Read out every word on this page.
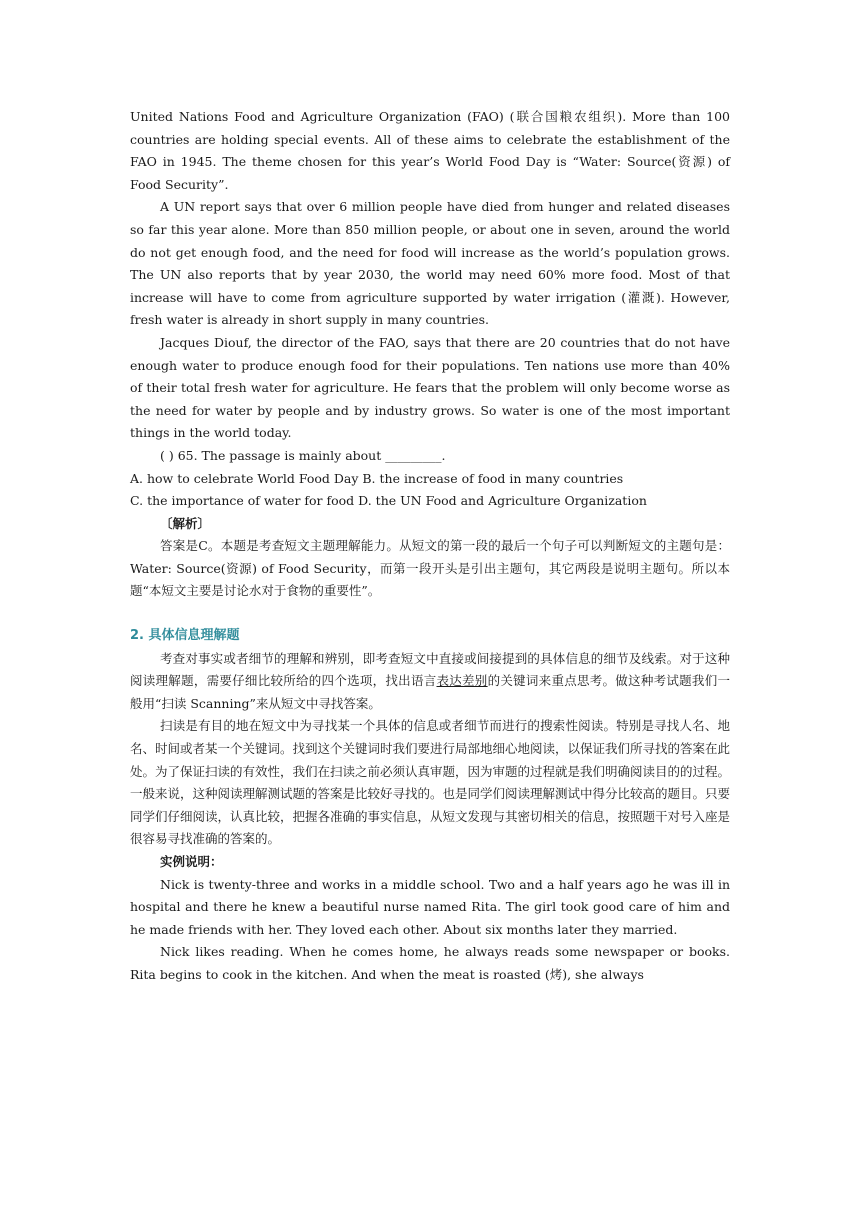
United Nations Food and Agriculture Organization (FAO) (联合国粮农组织). More than 100 countries are holding special events. All of these aims to celebrate the establishment of the FAO in 1945. The theme chosen for this year’s World Food Day is “Water: Source(资源) of Food Security”.

A UN report says that over 6 million people have died from hunger and related diseases so far this year alone. More than 850 million people, or about one in seven, around the world do not get enough food, and the need for food will increase as the world’s population grows. The UN also reports that by year 2030, the world may need 60% more food. Most of that increase will have to come from agriculture supported by water irrigation (灌溉). However, fresh water is already in short supply in many countries.

Jacques Diouf, the director of the FAO, says that there are 20 countries that do not have enough water to produce enough food for their populations. Ten nations use more than 40% of their total fresh water for agriculture. He fears that the problem will only become worse as the need for water by people and by industry grows. So water is one of the most important things in the world today.

( ) 65. The passage is mainly about _________.

A. how to celebrate World Food Day B. the increase of food in many countries

C. the importance of water for food D. the UN Food and Agriculture Organization

〔解析〕

答案是C。本题是考查短文主题理解能力。从短文的第一段的最后一个句子可以判断短文的主题句是：Water: Source(资源) of Food Security，而第一段开头是引出主题句，其它两段是说明主题句。所以本题“本短文主要是讨论水对于食物的重要性”。

2. 具体信息理解题

考查对事实或者细节的理解和辨别，即考查短文中直接或间接提到的具体信息的细节及线索。对于这种阅读理解题，需要仔细比较所给的四个选项，找出语言表达差别的关键词来重点思考。做这种考试题我们一般用“扫读 Scanning”来从短文中寻找答案。

扫读是有目的地在短文中为寻找某一个具体的信息或者细节而进行的搜索性阅读。特别是寻找人名、地名、时间或者某一个关键词。找到这个关键词时我们要进行局部地细心地阅读，以保证我们所寻找的答案在此处。为了保证扫读的有效性，我们在扫读之前必须认真审题，因为审题的过程就是我们明确阅读目的的过程。一般来说，这种阅读理解测试题的答案是比较好寻找的。也是同学们阅读理解测试中得分比较高的题目。只要同学们仔细阅读，认真比较，把握各准确的事实信息，从短文发现与其密切相关的信息，按照题干对号入座是很容易寻找准确的答案的。

实例说明：

Nick is twenty-three and works in a middle school. Two and a half years ago he was ill in hospital and there he knew a beautiful nurse named Rita. The girl took good care of him and he made friends with her. They loved each other. About six months later they married.

Nick likes reading. When he comes home, he always reads some newspaper or books. Rita begins to cook in the kitchen. And when the meat is roasted (烤), she always
